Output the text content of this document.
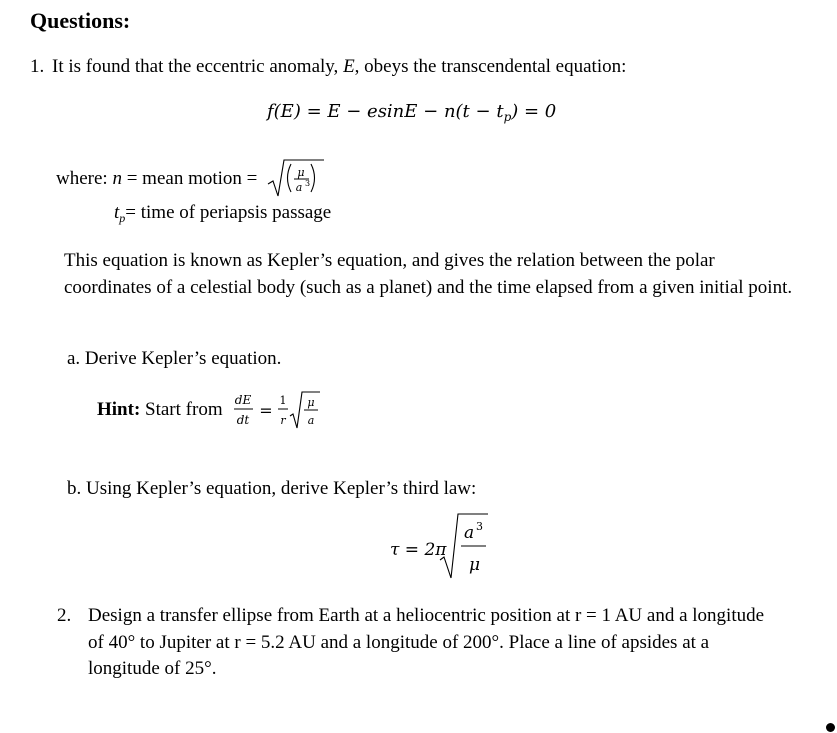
Questions:
1. It is found that the eccentric anomaly, E, obeys the transcendental equation:
$f(E) = E - esinE - n(t - t_p) = 0$
where: n = mean motion =	μ
a 3
$t_p=$ time of periapsis passage
This equation is known as Kepler’s equation, and gives the relation between the polar coordinates of a celestial body (such as a planet) and the time elapsed from a given initial point.
a. Derive Kepler’s equation.
Hint: Start from dE
dt =
1
r
μ
a
b. Using Kepler’s equation, derive Kepler’s third law:
τ = 2π
a 3
μ
2. Design a transfer ellipse from Earth at a heliocentric position at r = 1 AU and a longitude of 40° to Jupiter at r = 5.2 AU and a longitude of 200°. Place a line of apsides at a longitude of 25°.
